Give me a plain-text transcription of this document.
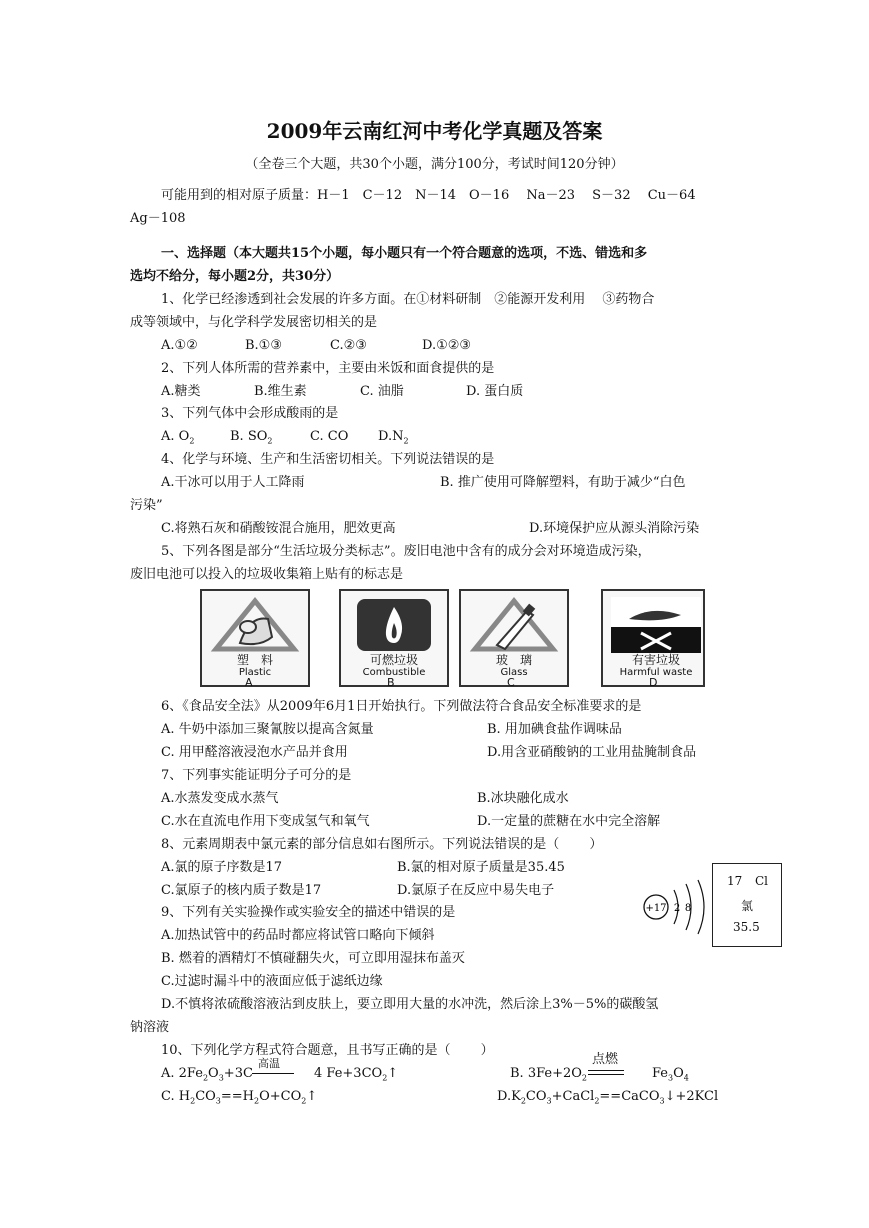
2009年云南红河中考化学真题及答案
（全卷三个大题，共30个小题，满分100分，考试时间120分钟）
可能用到的相对原子质量：H－1　C－12　N－14　O－16　 Na－23　 S－32　 Cu－64
Ag－108
一、选择题（本大题共15个小题，每小题只有一个符合题意的选项，不选、错选和多
选均不给分，每小题2分，共30分）
1、化学已经渗透到社会发展的许多方面。在①材料研制　②能源开发利用　 ③药物合
成等领域中，与化学科学发展密切相关的是
A.①②	B.①③	C.②③	D.①②③
2、下列人体所需的营养素中，主要由米饭和面食提供的是
A.糖类	B.维生素	C. 油脂	D. 蛋白质
3、下列气体中会形成酸雨的是
A. $O_2$	B. $SO_2$	C. CO $D.N_2$
4、化学与环境、生产和生活密切相关。下列说法错误的是
A.干冰可以用于人工降雨	B. 推广使用可降解塑料，有助于减少“白色
污染”
C.将熟石灰和硝酸铵混合施用，肥效更高	D.环境保护应从源头消除污染
5、下列各图是部分“生活垃圾分类标志”。废旧电池中含有的成分会对环境造成污染，
废旧电池可以投入的垃圾收集箱上贴有的标志是
塑　料
Plastic
可燃垃圾
Combustible
玻　璃
Glass
有害垃圾
Harmful waste
A	B	C	D
6、《食品安全法》从2009年6月1日开始执行。下列做法符合食品安全标准要求的是
A. 牛奶中添加三聚氰胺以提高含氮量	B. 用加碘食盐作调味品
C. 用甲醛溶液浸泡水产品并食用	D.用含亚硝酸钠的工业用盐腌制食品
7、下列事实能证明分子可分的是
A.水蒸发变成水蒸气	B.冰块融化成水
C.水在直流电作用下变成氢气和氧气	D.一定量的蔗糖在水中完全溶解
8、元素周期表中氯元素的部分信息如右图所示。下列说法错误的是（　　 ）
A.氯的原子序数是17	B.氯的相对原子质量是35.45
C.氯原子的核内质子数是17	D.氯原子在反应中易失电子
+17 2 8
17 Cl
氯
35.5
9、下列有关实验操作或实验安全的描述中错误的是
A.加热试管中的药品时都应将试管口略向下倾斜
B. 燃着的酒精灯不慎碰翻失火，可立即用湿抹布盖灭
C.过滤时漏斗中的液面应低于滤纸边缘
D.不慎将浓硫酸溶液沾到皮肤上，要立即用大量的水冲洗，然后涂上3%－5%的碳酸氢
钠溶液
10、下列化学方程式符合题意，且书写正确的是（　　 ）
A. $2Fe_2O_3+3C$
高温
4 $Fe+3CO_2↑$	B. $3Fe+2O_2$
点燃
$Fe_3O_4$
C. $H_2CO_3==H_2O+CO_2↑$	$D.K_2CO_3+CaCl_2==CaCO_3↓+2KCl$
